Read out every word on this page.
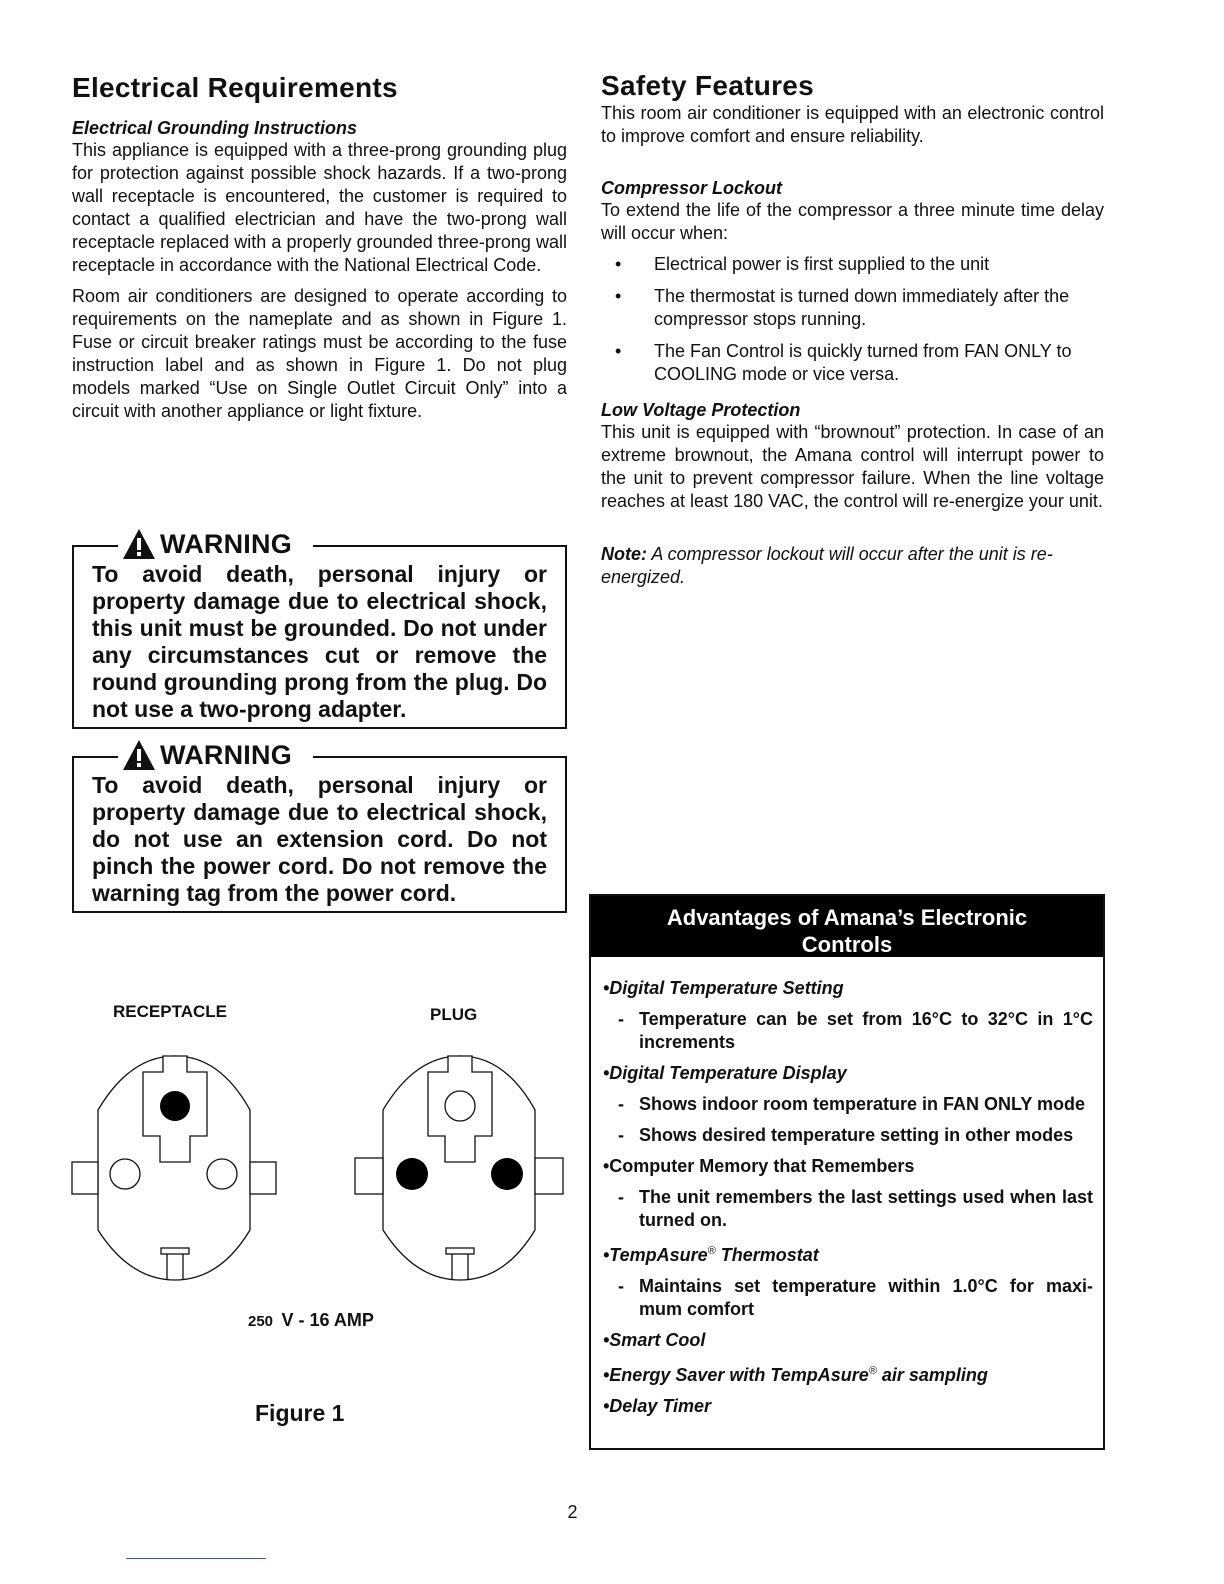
Electrical Requirements

Electrical Grounding Instructions

This appliance is equipped with a three-prong grounding plug for protection against possible shock hazards. If a two-prong wall receptacle is encountered, the customer is required to contact a qualified electrician and have the two-prong wall receptacle replaced with a properly grounded three-prong wall receptacle in accordance with the National Electrical Code.

Room air conditioners are designed to operate according to requirements on the nameplate and as shown in Figure 1. Fuse or circuit breaker ratings must be according to the fuse instruction label and as shown in Figure 1. Do not plug models marked “Use on Single Outlet Circuit Only” into a circuit with another appliance or light fixture.

WARNING

To avoid death, personal injury or property damage due to electrical shock, this unit must be grounded. Do not under any circumstances cut or remove the round grounding prong from the plug. Do not use a two-prong adapter.

WARNING

To avoid death, personal injury or property damage due to electrical shock, do not use an extension cord. Do not pinch the power cord. Do not remove the warning tag from the power cord.

RECEPTACLE	PLUG
250 V - 16 AMP
Figure 1
Safety Features

This room air conditioner is equipped with an electronic control to improve comfort and ensure reliability.

Compressor Lockout

To extend the life of the compressor a three minute time delay will occur when:

• Electrical power is first supplied to the unit
• The thermostat is turned down immediately after the compressor stops running.
• The Fan Control is quickly turned from FAN ONLY to COOLING mode or vice versa.

Low Voltage Protection

This unit is equipped with “brownout” protection. In case of an extreme brownout, the Amana control will interrupt power to the unit to prevent compressor failure. When the line voltage reaches at least 180 VAC, the control will re-energize your unit.

Note: A compressor lockout will occur after the unit is re-energized.

Advantages of Amana’s Electronic
Controls
•Digital Temperature Setting
- Temperature can be set from 16°C to 32°C in 1°C increments
•Digital Temperature Display
- Shows indoor room temperature in FAN ONLY mode
- Shows desired temperature setting in other modes
•Computer Memory that Remembers
- The unit remembers the last settings used when last turned on.
•TempAsure® Thermostat
- Maintains set temperature within 1.0°C for maxi-mum comfort
•Smart Cool
•Energy Saver with TempAsure® air sampling
•Delay Timer
2
